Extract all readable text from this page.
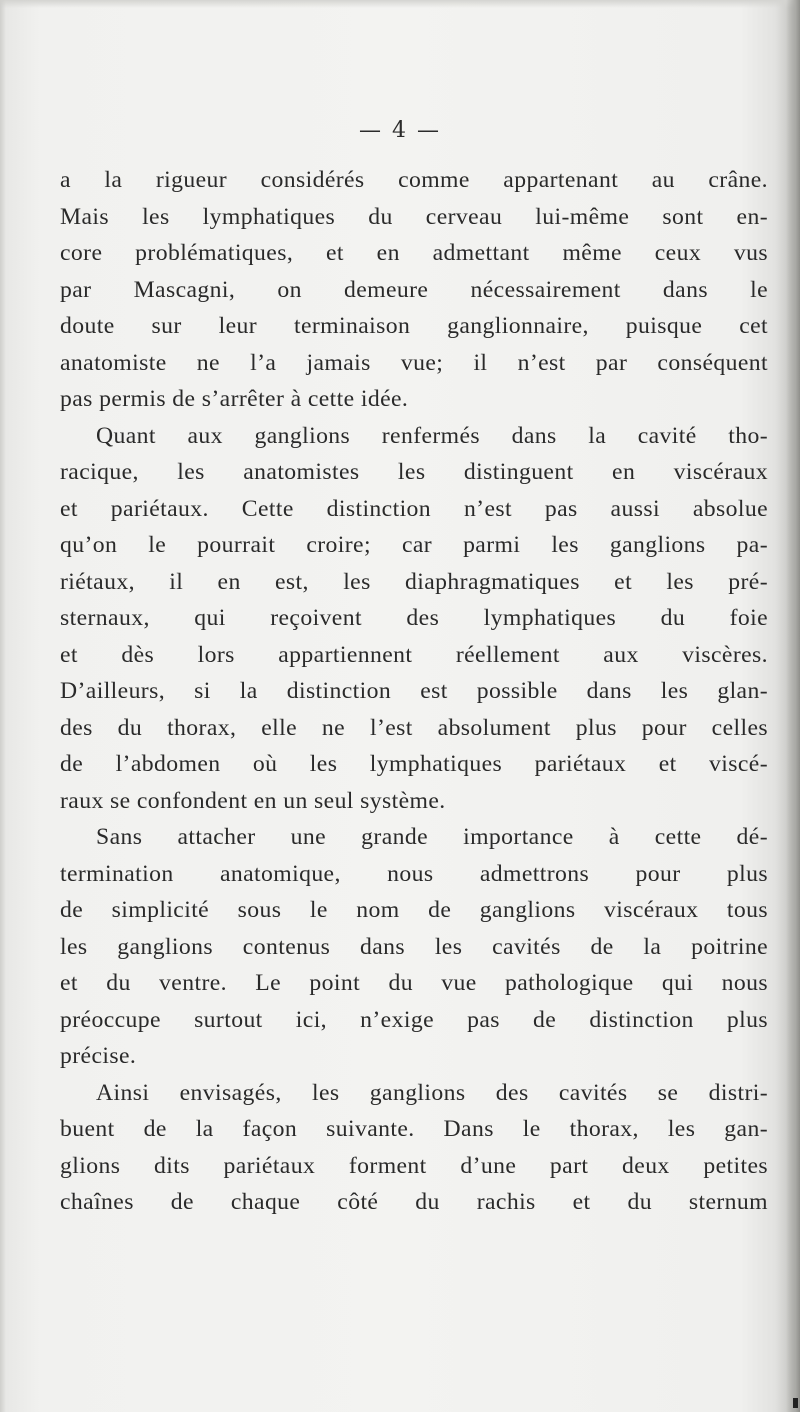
— 4 —
a la rigueur considérés comme appartenant au crâne.
Mais les lymphatiques du cerveau lui-même sont en-
core problématiques, et en admettant même ceux vus
par Mascagni, on demeure nécessairement dans le
doute sur leur terminaison ganglionnaire, puisque cet
anatomiste ne l’a jamais vue; il n’est par conséquent
pas permis de s’arrêter à cette idée.
Quant aux ganglions renfermés dans la cavité tho-
racique, les anatomistes les distinguent en viscéraux
et pariétaux. Cette distinction n’est pas aussi absolue
qu’on le pourrait croire; car parmi les ganglions pa-
riétaux, il en est, les diaphragmatiques et les pré-
sternaux, qui reçoivent des lymphatiques du foie
et dès lors appartiennent réellement aux viscères.
D’ailleurs, si la distinction est possible dans les glan-
des du thorax, elle ne l’est absolument plus pour celles
de l’abdomen où les lymphatiques pariétaux et viscé-
raux se confondent en un seul système.
Sans attacher une grande importance à cette dé-
termination anatomique, nous admettrons pour plus
de simplicité sous le nom de ganglions viscéraux tous
les ganglions contenus dans les cavités de la poitrine
et du ventre. Le point du vue pathologique qui nous
préoccupe surtout ici, n’exige pas de distinction plus
précise.
Ainsi envisagés, les ganglions des cavités se distri-
buent de la façon suivante. Dans le thorax, les gan-
glions dits pariétaux forment d’une part deux petites
chaînes de chaque côté du rachis et du sternum
